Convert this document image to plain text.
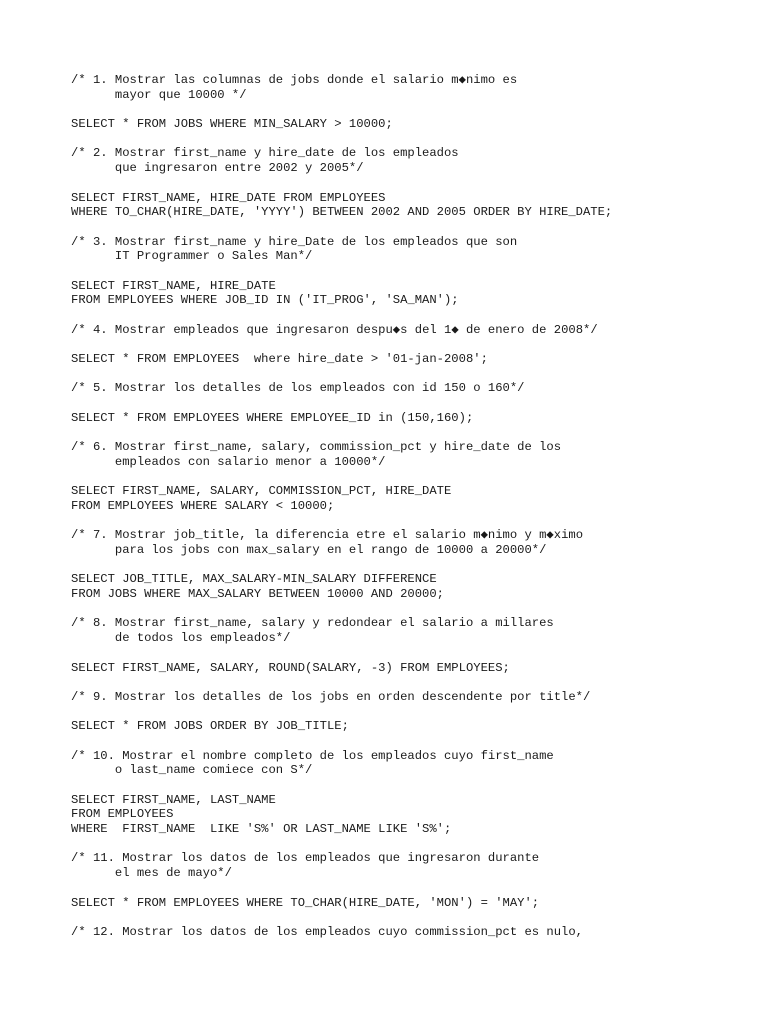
/* 1. Mostrar las columnas de jobs donde el salario m◆nimo es
mayor que 10000 */
SELECT * FROM JOBS WHERE MIN_SALARY > 10000;
/* 2. Mostrar first_name y hire_date de los empleados
que ingresaron entre 2002 y 2005*/
SELECT FIRST_NAME, HIRE_DATE FROM EMPLOYEES
WHERE TO_CHAR(HIRE_DATE, 'YYYY') BETWEEN 2002 AND 2005 ORDER BY HIRE_DATE;
/* 3. Mostrar first_name y hire_Date de los empleados que son
IT Programmer o Sales Man*/
SELECT FIRST_NAME, HIRE_DATE
FROM EMPLOYEES WHERE JOB_ID IN ('IT_PROG', 'SA_MAN');
/* 4. Mostrar empleados que ingresaron despu◆s del 1◆ de enero de 2008*/
SELECT * FROM EMPLOYEES  where hire_date > '01-jan-2008';
/* 5. Mostrar los detalles de los empleados con id 150 o 160*/
SELECT * FROM EMPLOYEES WHERE EMPLOYEE_ID in (150,160);
/* 6. Mostrar first_name, salary, commission_pct y hire_date de los
empleados con salario menor a 10000*/
SELECT FIRST_NAME, SALARY, COMMISSION_PCT, HIRE_DATE
FROM EMPLOYEES WHERE SALARY < 10000;
/* 7. Mostrar job_title, la diferencia etre el salario m◆nimo y m◆ximo
para los jobs con max_salary en el rango de 10000 a 20000*/
SELECT JOB_TITLE, MAX_SALARY-MIN_SALARY DIFFERENCE
FROM JOBS WHERE MAX_SALARY BETWEEN 10000 AND 20000;
/* 8. Mostrar first_name, salary y redondear el salario a millares
de todos los empleados*/
SELECT FIRST_NAME, SALARY, ROUND(SALARY, -3) FROM EMPLOYEES;
/* 9. Mostrar los detalles de los jobs en orden descendente por title*/
SELECT * FROM JOBS ORDER BY JOB_TITLE;
/* 10. Mostrar el nombre completo de los empleados cuyo first_name
o last_name comiece con S*/
SELECT FIRST_NAME, LAST_NAME
FROM EMPLOYEES
WHERE  FIRST_NAME  LIKE 'S%' OR LAST_NAME LIKE 'S%';
/* 11. Mostrar los datos de los empleados que ingresaron durante
el mes de mayo*/
SELECT * FROM EMPLOYEES WHERE TO_CHAR(HIRE_DATE, 'MON') = 'MAY';
/* 12. Mostrar los datos de los empleados cuyo commission_pct es nulo,
